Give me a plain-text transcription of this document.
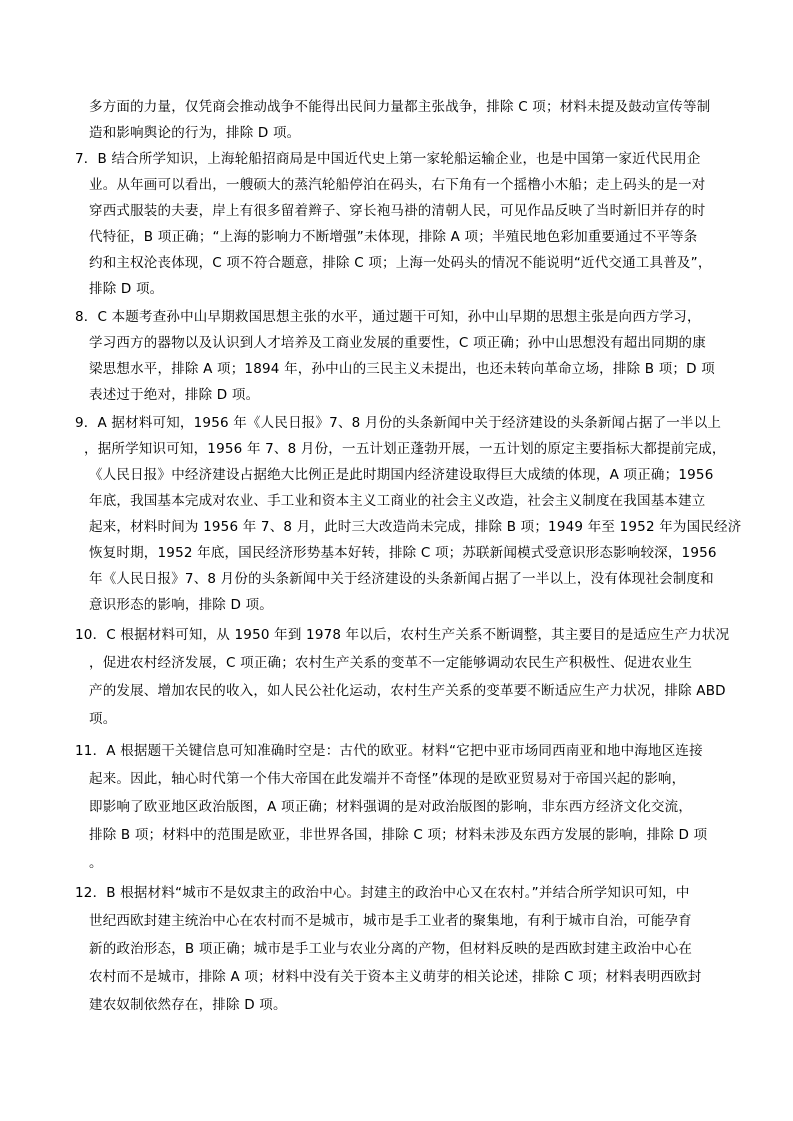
多方面的力量，仅凭商会推动战争不能得出民间力量都主张战争，排除 C 项；材料未提及鼓动宣传等制
造和影响舆论的行为，排除 D 项。
7．B 结合所学知识，上海轮船招商局是中国近代史上第一家轮船运输企业，也是中国第一家近代民用企
业。从年画可以看出，一艘硕大的蒸汽轮船停泊在码头，右下角有一个摇橹小木船；走上码头的是一对
穿西式服装的夫妻，岸上有很多留着辫子、穿长袍马褂的清朝人民，可见作品反映了当时新旧并存的时
代特征，B 项正确；“上海的影响力不断增强”未体现，排除 A 项；半殖民地色彩加重要通过不平等条
约和主权沦丧体现，C 项不符合题意，排除 C 项；上海一处码头的情况不能说明“近代交通工具普及”，
排除 D 项。
8．C 本题考查孙中山早期救国思想主张的水平，通过题干可知，孙中山早期的思想主张是向西方学习，
学习西方的器物以及认识到人才培养及工商业发展的重要性，C 项正确；孙中山思想没有超出同期的康
梁思想水平，排除 A 项；1894 年，孙中山的三民主义未提出，也还未转向革命立场，排除 B 项；D 项
表述过于绝对，排除 D 项。
9．A 据材料可知，1956 年《人民日报》7、8 月份的头条新闻中关于经济建设的头条新闻占据了一半以上
，据所学知识可知，1956 年 7、8 月份，一五计划正蓬勃开展，一五计划的原定主要指标大都提前完成，
《人民日报》中经济建设占据绝大比例正是此时期国内经济建设取得巨大成绩的体现，A 项正确；1956
年底，我国基本完成对农业、手工业和资本主义工商业的社会主义改造，社会主义制度在我国基本建立
起来，材料时间为 1956 年 7、8 月，此时三大改造尚未完成，排除 B 项；1949 年至 1952 年为国民经济
恢复时期，1952 年底，国民经济形势基本好转，排除 C 项；苏联新闻模式受意识形态影响较深，1956
年《人民日报》7、8 月份的头条新闻中关于经济建设的头条新闻占据了一半以上，没有体现社会制度和
意识形态的影响，排除 D 项。
10．C 根据材料可知，从 1950 年到 1978 年以后，农村生产关系不断调整，其主要目的是适应生产力状况
，促进农村经济发展，C 项正确；农村生产关系的变革不一定能够调动农民生产积极性、促进农业生
产的发展、增加农民的收入，如人民公社化运动，农村生产关系的变革要不断适应生产力状况，排除 ABD
项。
11．A 根据题干关键信息可知准确时空是：古代的欧亚。材料“它把中亚市场同西南亚和地中海地区连接
起来。因此，轴心时代第一个伟大帝国在此发端并不奇怪”体现的是欧亚贸易对于帝国兴起的影响，
即影响了欧亚地区政治版图，A 项正确；材料强调的是对政治版图的影响，非东西方经济文化交流，
排除 B 项；材料中的范围是欧亚，非世界各国，排除 C 项；材料未涉及东西方发展的影响，排除 D 项
。
12．B 根据材料“城市不是奴隶主的政治中心。封建主的政治中心又在农村。”并结合所学知识可知，中
世纪西欧封建主统治中心在农村而不是城市，城市是手工业者的聚集地，有利于城市自治，可能孕育
新的政治形态，B 项正确；城市是手工业与农业分离的产物，但材料反映的是西欧封建主政治中心在
农村而不是城市，排除 A 项；材料中没有关于资本主义萌芽的相关论述，排除 C 项；材料表明西欧封
建农奴制依然存在，排除 D 项。
